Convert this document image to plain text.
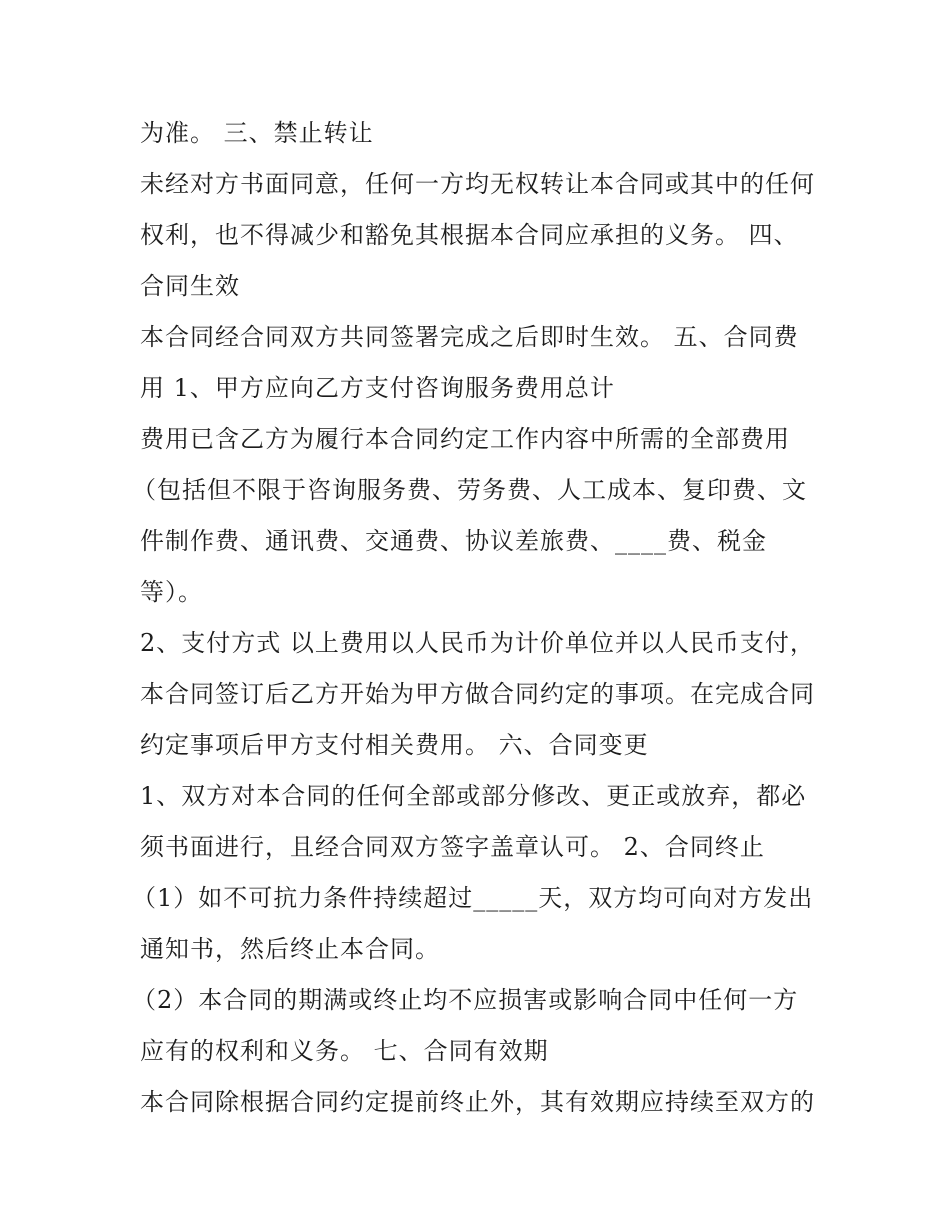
为准。 三、禁止转让
未经对方书面同意，任何一方均无权转让本合同或其中的任何
权利，也不得减少和豁免其根据本合同应承担的义务。 四、
合同生效
本合同经合同双方共同签署完成之后即时生效。 五、合同费
用 1、甲方应向乙方支付咨询服务费用总计
费用已含乙方为履行本合同约定工作内容中所需的全部费用
（包括但不限于咨询服务费、劳务费、人工成本、复印费、文
件制作费、通讯费、交通费、协议差旅费、____费、税金
等）。
2、支付方式 以上费用以人民币为计价单位并以人民币支付，
本合同签订后乙方开始为甲方做合同约定的事项。在完成合同
约定事项后甲方支付相关费用。 六、合同变更
1、双方对本合同的任何全部或部分修改、更正或放弃，都必
须书面进行，且经合同双方签字盖章认可。 2、合同终止
（1）如不可抗力条件持续超过_____天，双方均可向对方发出
通知书，然后终止本合同。
（2）本合同的期满或终止均不应损害或影响合同中任何一方
应有的权利和义务。 七、合同有效期
本合同除根据合同约定提前终止外，其有效期应持续至双方的
